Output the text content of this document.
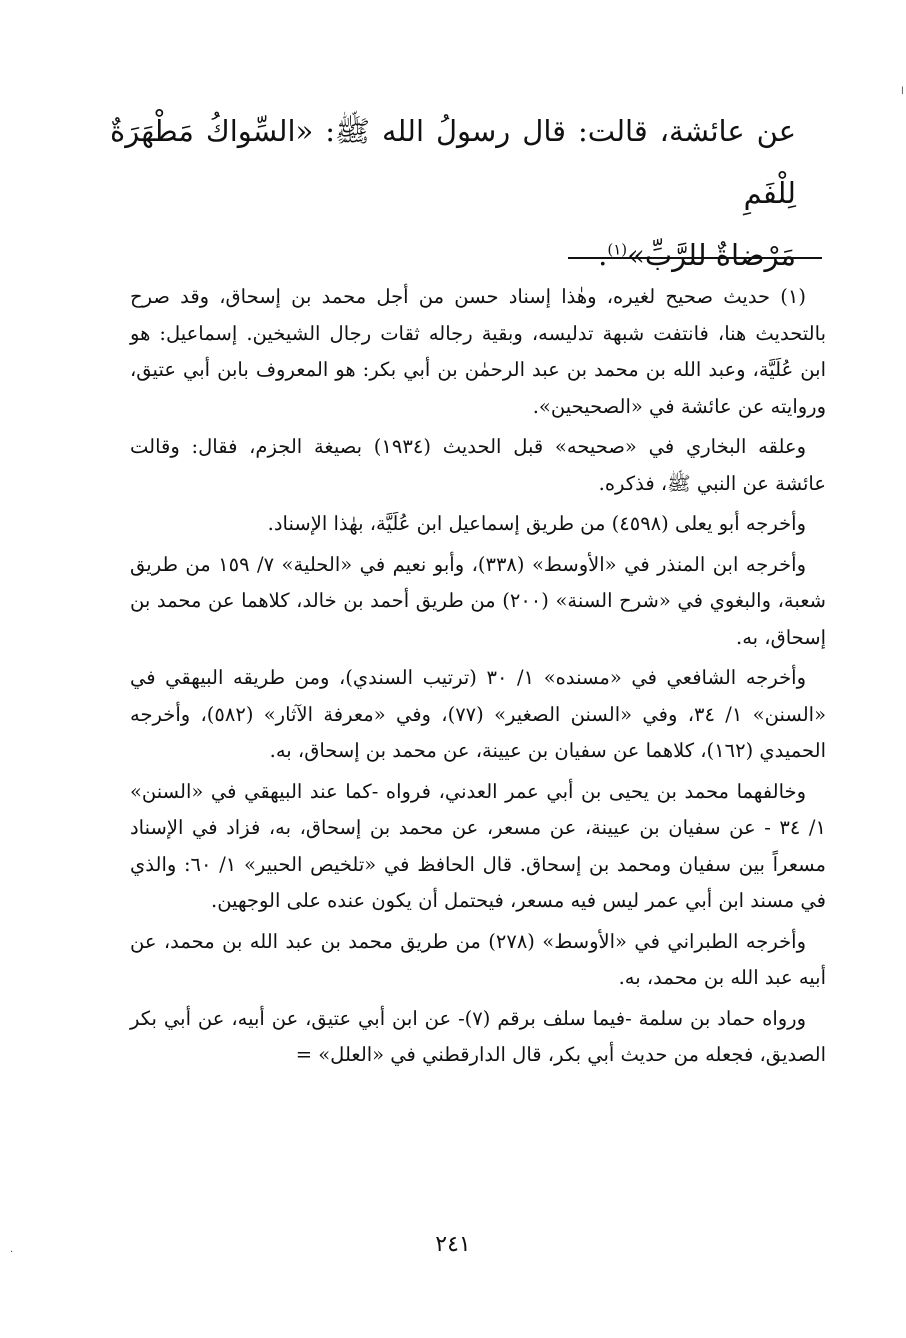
ا

عن عائشة، قالت: قال رسولُ الله ﷺ: «السِّواكُ مَطْهَرَةٌ لِلْفَمِ

مَرْضاةٌ للرَّبِّ»$^{(١)}$.

(١) حديث صحيح لغيره، وهٰذا إسناد حسن من أجل محمد بن إسحاق، وقد صرح بالتحديث هنا، فانتفت شبهة تدليسه، وبقية رجاله ثقات رجال الشيخين. إسماعيل: هو ابن عُلَيَّة، وعبد الله بن محمد بن عبد الرحمٰن بن أبي بكر: هو المعروف بابن أبي عتيق، وروايته عن عائشة في «الصحيحين».

وعلقه البخاري في «صحيحه» قبل الحديث (١٩٣٤) بصيغة الجزم، فقال: وقالت عائشة عن النبي ﷺ، فذكره.

وأخرجه أبو يعلى (٤٥٩٨) من طريق إسماعيل ابن عُلَيَّة، بهٰذا الإسناد.

وأخرجه ابن المنذر في «الأوسط» (٣٣٨)، وأبو نعيم في «الحلية» ٧/ ١٥٩ من طريق شعبة، والبغوي في «شرح السنة» (٢٠٠) من طريق أحمد بن خالد، كلاهما عن محمد بن إسحاق، به.

وأخرجه الشافعي في «مسنده» ١/ ٣٠ (ترتيب السندي)، ومن طريقه البيهقي في «السنن» ١/ ٣٤، وفي «السنن الصغير» (٧٧)، وفي «معرفة الآثار» (٥٨٢)، وأخرجه الحميدي (١٦٢)، كلاهما عن سفيان بن عيينة، عن محمد بن إسحاق، به.

وخالفهما محمد بن يحيى بن أبي عمر العدني، فرواه -كما عند البيهقي في «السنن» ١/ ٣٤ - عن سفيان بن عيينة، عن مسعر، عن محمد بن إسحاق، به، فزاد في الإسناد مسعراً بين سفيان ومحمد بن إسحاق. قال الحافظ في «تلخيص الحبير» ١/ ٦٠: والذي في مسند ابن أبي عمر ليس فيه مسعر، فيحتمل أن يكون عنده على الوجهين.

وأخرجه الطبراني في «الأوسط» (٢٧٨) من طريق محمد بن عبد الله بن محمد، عن أبيه عبد الله بن محمد، به.

ورواه حماد بن سلمة -فيما سلف برقم (٧)- عن ابن أبي عتيق، عن أبيه، عن أبي بكر الصديق، فجعله من حديث أبي بكر، قال الدارقطني في «العلل» =

٢٤١
·
